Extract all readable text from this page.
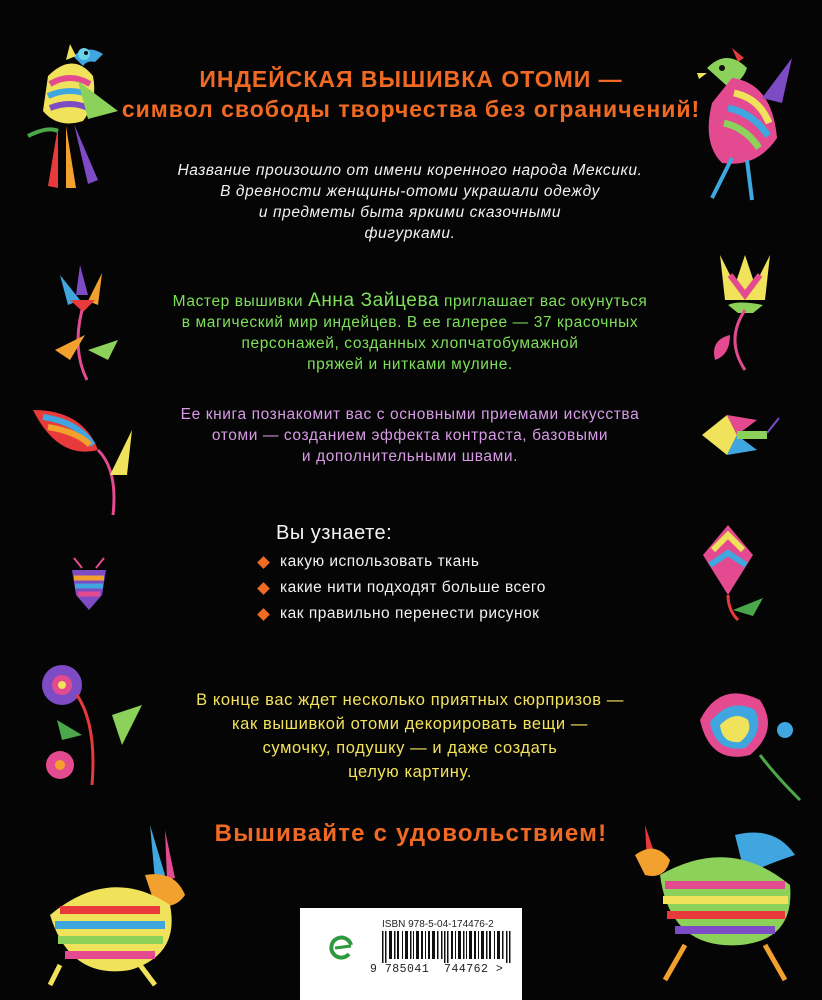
ИНДЕЙСКАЯ ВЫШИВКА ОТОМИ —
символ свободы творчества без ограничений!
Название произошло от имени коренного народа Мексики.
В древности женщины-отоми украшали одежду
и предметы быта яркими сказочными
фигурками.
Мастер вышивки Анна Зайцева приглашает вас окунуться
в магический мир индейцев. В ее галерее — 37 красочных
персонажей, созданных хлопчатобумажной
пряжей и нитками мулине.
Ее книга познакомит вас с основными приемами искусства
отоми — созданием эффекта контраста, базовыми
и дополнительными швами.
Вы узнаете:
какую использовать ткань
какие нити подходят больше всего
как правильно перенести рисунок
В конце вас ждет несколько приятных сюрпризов —
как вышивкой отоми декорировать вещи —
сумочку, подушку — и даже создать
целую картину.
Вышивайте с удовольствием!
ISBN 978-5-04-174476-2
9 785041 744762 >
